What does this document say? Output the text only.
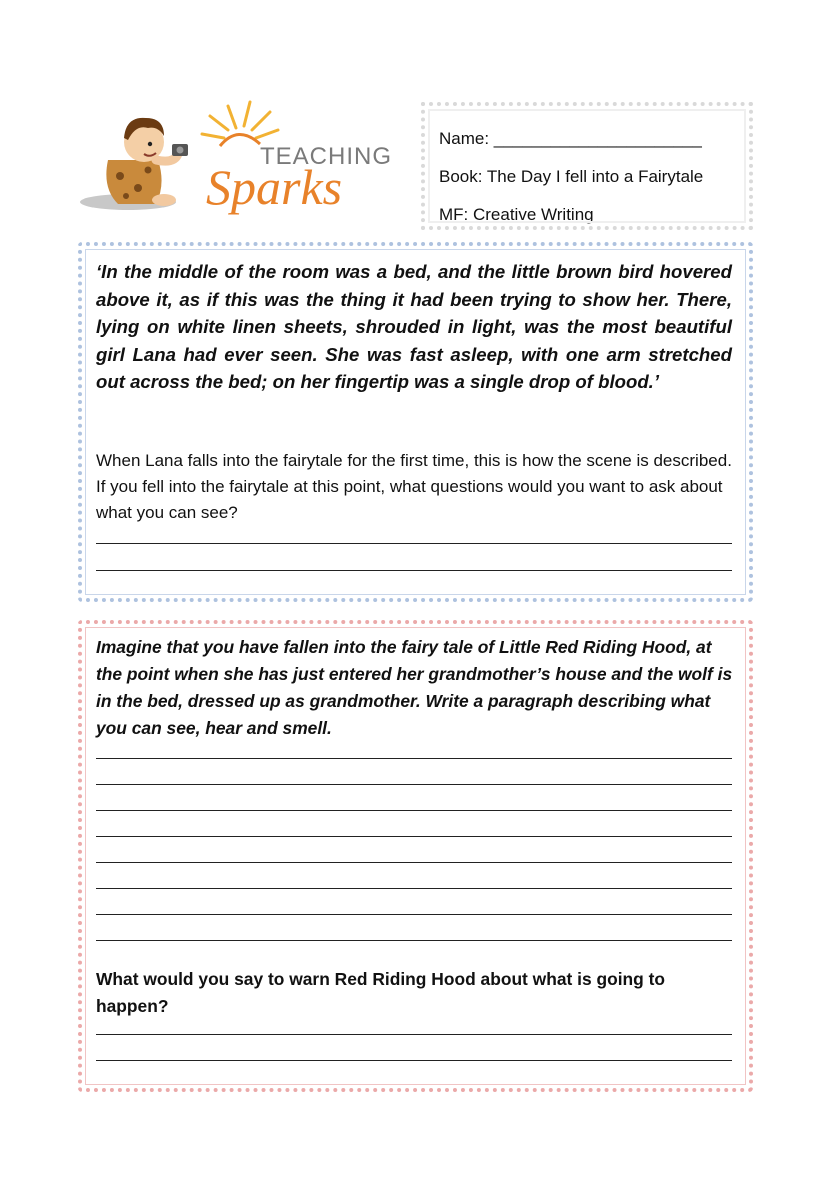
TEACHING
Sparks
Name: ______________________
Book: The Day I fell into a Fairytale
MF: Creative Writing
‘In the middle of the room was a bed, and the little brown bird hovered above it, as if this was the thing it had been trying to show her. There, lying on white linen sheets, shrouded in light, was the most beautiful girl Lana had ever seen. She was fast asleep, with one arm stretched out across the bed; on her fingertip was a single drop of blood.’
When Lana falls into the fairytale for the first time, this is how the scene is described. If you fell into the fairytale at this point, what questions would you want to ask about what you can see?
Imagine that you have fallen into the fairy tale of Little Red Riding Hood, at the point when she has just entered her grandmother’s house and the wolf is in the bed, dressed up as grandmother. Write a paragraph describing what you can see, hear and smell.
What would you say to warn Red Riding Hood about what is going to happen?
